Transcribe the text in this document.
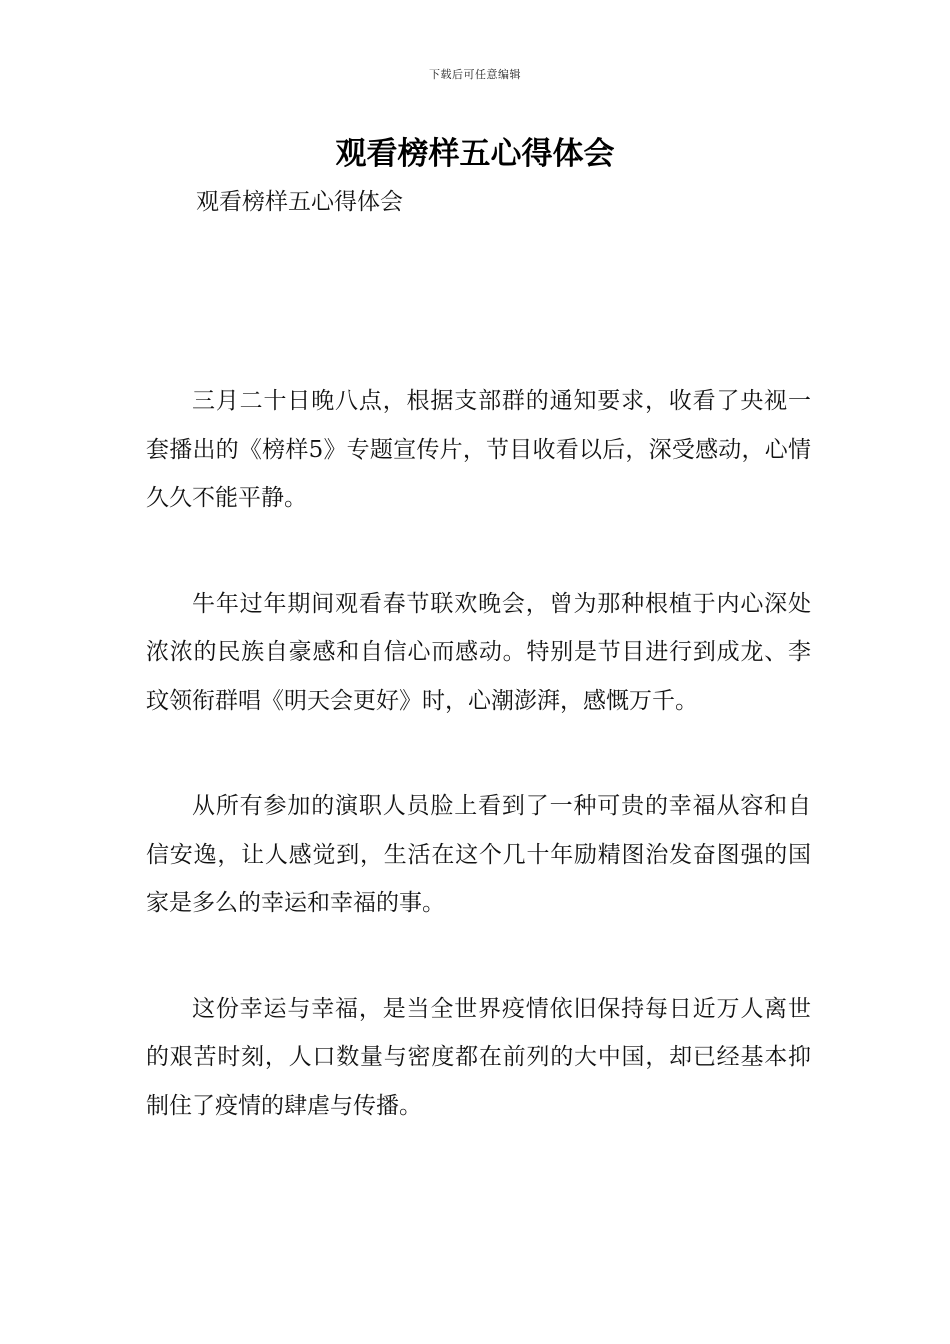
下载后可任意编辑
观看榜样五心得体会

观看榜样五心得体会

三月二十日晚八点，根据支部群的通知要求，收看了央视一套播出的《榜样5》专题宣传片，节目收看以后，深受感动，心情久久不能平静。

牛年过年期间观看春节联欢晚会，曾为那种根植于内心深处浓浓的民族自豪感和自信心而感动。特别是节目进行到成龙、李玟领衔群唱《明天会更好》时，心潮澎湃，感慨万千。

从所有参加的演职人员脸上看到了一种可贵的幸福从容和自信安逸，让人感觉到，生活在这个几十年励精图治发奋图强的国家是多么的幸运和幸福的事。

这份幸运与幸福，是当全世界疫情依旧保持每日近万人离世的艰苦时刻，人口数量与密度都在前列的大中国，却已经基本抑制住了疫情的肆虐与传播。
